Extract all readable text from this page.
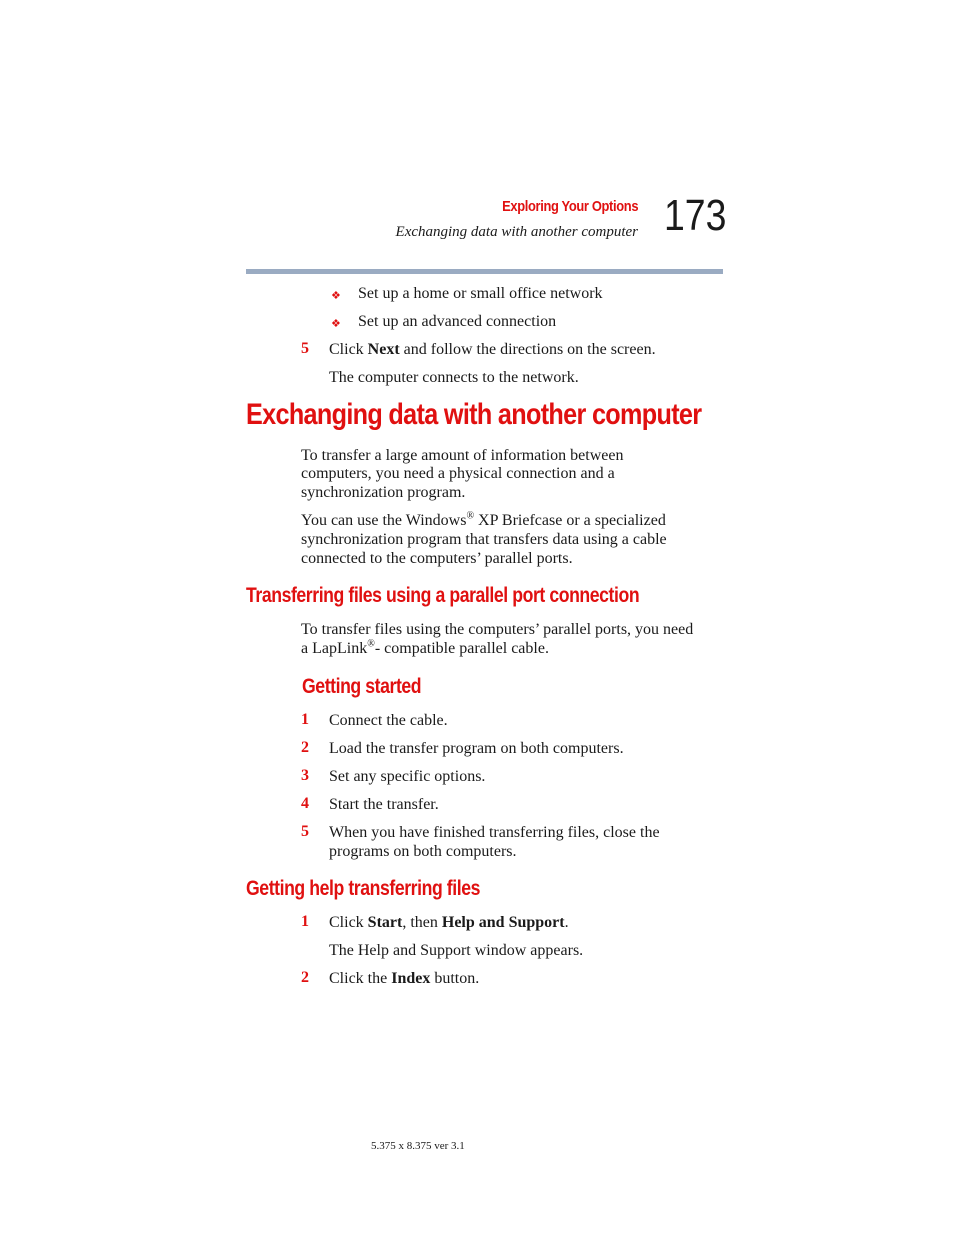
Exploring Your Options
Exchanging data with another computer 173
❖ Set up a home or small office network
❖ Set up an advanced connection
5 Click Next and follow the directions on the screen.
The computer connects to the network.
Exchanging data with another computer
To transfer a large amount of information between
computers, you need a physical connection and a
synchronization program.
You can use the Windows® XP Briefcase or a specialized
synchronization program that transfers data using a cable
connected to the computers’ parallel ports.
Transferring files using a parallel port connection
To transfer files using the computers’ parallel ports, you need
a LapLink®- compatible parallel cable.
Getting started
1 Connect the cable.
2 Load the transfer program on both computers.
3 Set any specific options.
4 Start the transfer.
5 When you have finished transferring files, close the
programs on both computers.
Getting help transferring files
1 Click Start, then Help and Support.
The Help and Support window appears.
2 Click the Index button.
5.375 x 8.375 ver 3.1
